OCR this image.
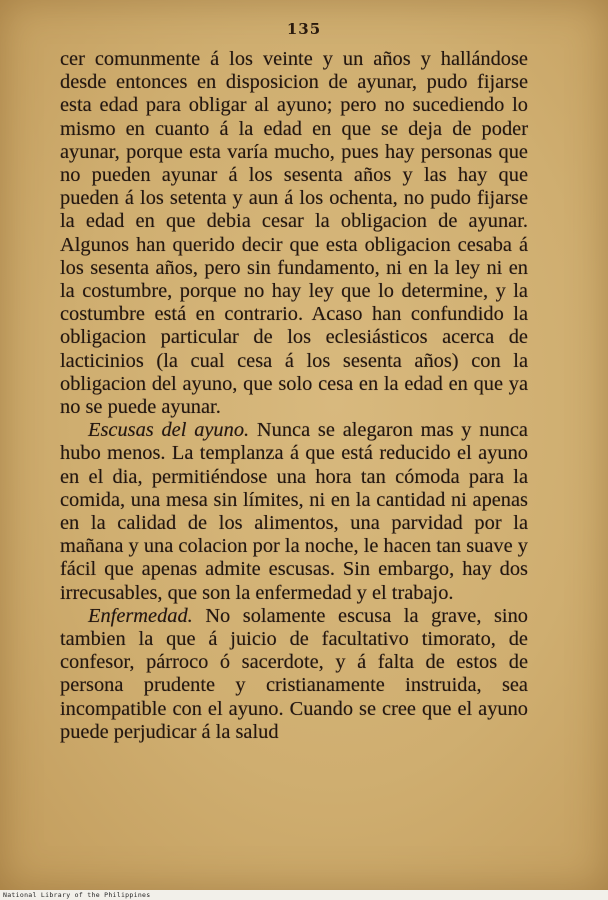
135

cer comunmente á los veinte y un años y hallándose desde entonces en disposicion de ayunar, pudo fijarse esta edad para obligar al ayuno; pero no sucediendo lo mismo en cuanto á la edad en que se deja de poder ayunar, porque esta varía mucho, pues hay personas que no pueden ayunar á los sesenta años y las hay que pueden á los setenta y aun á los ochenta, no pudo fijarse la edad en que debia cesar la obligacion de ayunar. Algunos han querido decir que esta obligacion cesaba á los sesenta años, pero sin fundamento, ni en la ley ni en la costumbre, porque no hay ley que lo determine, y la costumbre está en contrario. Acaso han confundido la obligacion particular de los eclesiásticos acerca de lacticinios (la cual cesa á los sesenta años) con la obligacion del ayuno, que solo cesa en la edad en que ya no se puede ayunar.

Escusas del ayuno. Nunca se alegaron mas y nunca hubo menos. La templanza á que está reducido el ayuno en el dia, permitiéndose una hora tan cómoda para la comida, una mesa sin límites, ni en la cantidad ni apenas en la calidad de los alimentos, una parvidad por la mañana y una colacion por la noche, le hacen tan suave y fácil que apenas admite escusas. Sin embargo, hay dos irrecusables, que son la enfermedad y el trabajo.

Enfermedad. No solamente escusa la grave, sino tambien la que á juicio de facultativo timorato, de confesor, párroco ó sacerdote, y á falta de estos de persona prudente y cristianamente instruida, sea incompatible con el ayuno. Cuando se cree que el ayuno puede perjudicar á la salud

National Library of the Philippines
